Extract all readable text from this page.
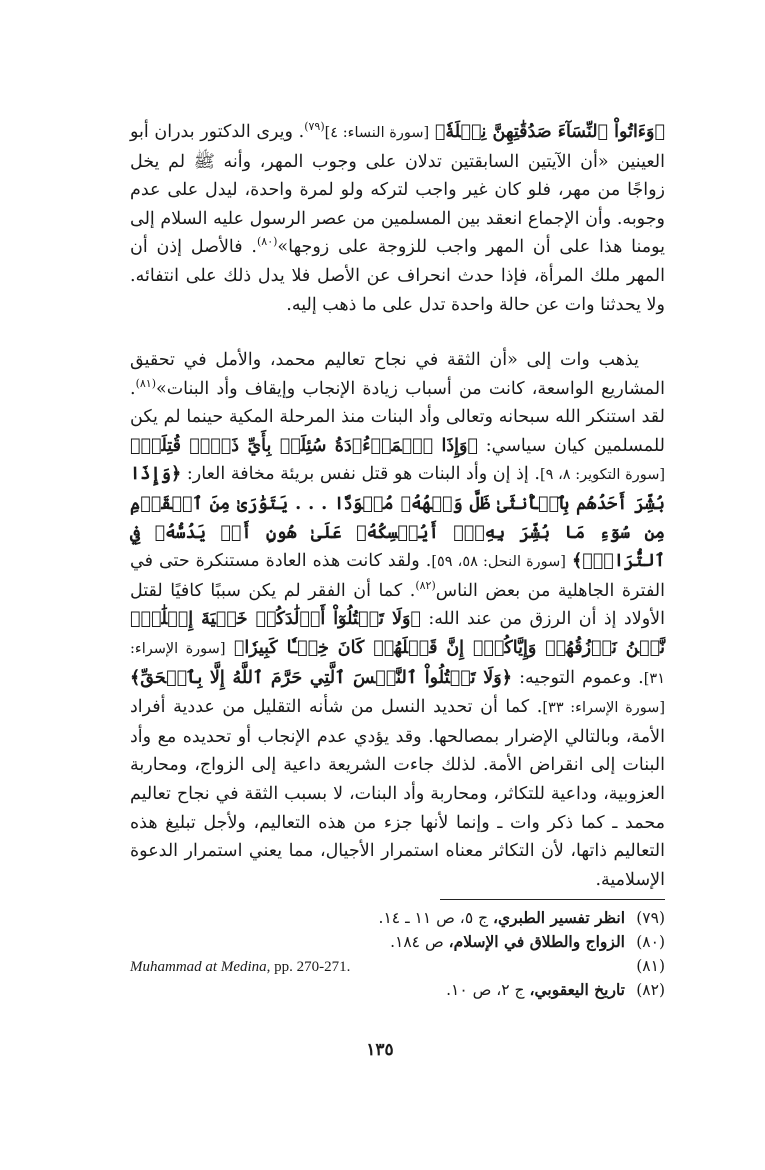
﴿وَءَاتُواْ ٱلنِّسَآءَ صَدُقَٰتِهِنَّ نِحۡلَةٗ﴾ [سورة النساء: ٤]$^{(٧٩)}$. ويرى الدكتور بدران أبو العينين «أن الآيتين السابقتين تدلان على وجوب المهر، وأنه ﷺ لم يخل زواجًا من مهر، فلو كان غير واجب لتركه ولو لمرة واحدة، ليدل على عدم وجوبه. وأن الإجماع انعقد بين المسلمين من عصر الرسول عليه السلام إلى يومنا هذا على أن المهر واجب للزوجة على زوجها»$^{(٨٠)}$. فالأصل إذن أن المهر ملك المرأة، فإذا حدث انحراف عن الأصل فلا يدل ذلك على انتفائه. ولا يحدثنا وات عن حالة واحدة تدل على ما ذهب إليه.
يذهب وات إلى «أن الثقة في نجاح تعاليم محمد، والأمل في تحقيق المشاريع الواسعة، كانت من أسباب زيادة الإنجاب وإيقاف وأد البنات»$^{(٨١)}$. لقد استنكر الله سبحانه وتعالى وأد البنات منذ المرحلة المكية حينما لم يكن للمسلمين كيان سياسي: ﴿وَإِذَا ٱلۡمَوۡءُۥدَةُ سُئِلَتۡ بِأَيِّ ذَنۢبٖ قُتِلَتۡ﴾ [سورة التكوير: ٨، ٩]. إذ إن وأد البنات هو قتل نفس بريئة مخافة العار: ﴿وَإِذَا بُشِّرَ أَحَدُهُم بِٱلۡأُنثَىٰ ظَلَّ وَجۡهُهُۥ مُسۡوَدّٗا . . . يَتَوَٰرَىٰ مِنَ ٱلۡقَوۡمِ مِن سُوٓءِ مَا بُشِّرَ بِهِۦٓۚ أَيُمۡسِكُهُۥ عَلَىٰ هُونٍ أَمۡ يَدُسُّهُۥ فِي ٱلتُّرَابِۗ﴾ [سورة النحل: ٥٨، ٥٩]. ولقد كانت هذه العادة مستنكرة حتى في الفترة الجاهلية من بعض الناس$^{(٨٢)}$. كما أن الفقر لم يكن سببًا كافيًا لقتل الأولاد إذ أن الرزق من عند الله: ﴿وَلَا تَقۡتُلُوٓاْ أَوۡلَٰدَكُمۡ خَشۡيَةَ إِمۡلَٰقٖۖ نَّحۡنُ نَرۡزُقُهُمۡ وَإِيَّاكُمۡۚ إِنَّ قَتۡلَهُمۡ كَانَ خِطۡـٔٗا كَبِيرٗا﴾ [سورة الإسراء: ٣١]. وعموم التوجيه: ﴿وَلَا تَقۡتُلُواْ ٱلنَّفۡسَ ٱلَّتِي حَرَّمَ ٱللَّهُ إِلَّا بِٱلۡحَقِّ﴾ [سورة الإسراء: ٣٣]. كما أن تحديد النسل من شأنه التقليل من عددية أفراد الأمة، وبالتالي الإضرار بمصالحها. وقد يؤدي عدم الإنجاب أو تحديده مع وأد البنات إلى انقراض الأمة. لذلك جاءت الشريعة داعية إلى الزواج، ومحاربة العزوبية، وداعية للتكاثر، ومحاربة وأد البنات، لا بسبب الثقة في نجاح تعاليم محمد ـ كما ذكر وات ـ وإنما لأنها جزء من هذه التعاليم، ولأجل تبليغ هذه التعاليم ذاتها، لأن التكاثر معناه استمرار الأجيال، مما يعني استمرار الدعوة الإسلامية.
(٧٩)
انظر تفسير الطبري، ج ٥، ص ١١ ـ ١٤.
(٨٠)
الزواج والطلاق في الإسلام، ص ١٨٤.
(٨١)
Muhammad at Medina, pp. 270-271.
(٨٢)
تاريخ اليعقوبي، ج ٢، ص ١٠.
١٣٥
